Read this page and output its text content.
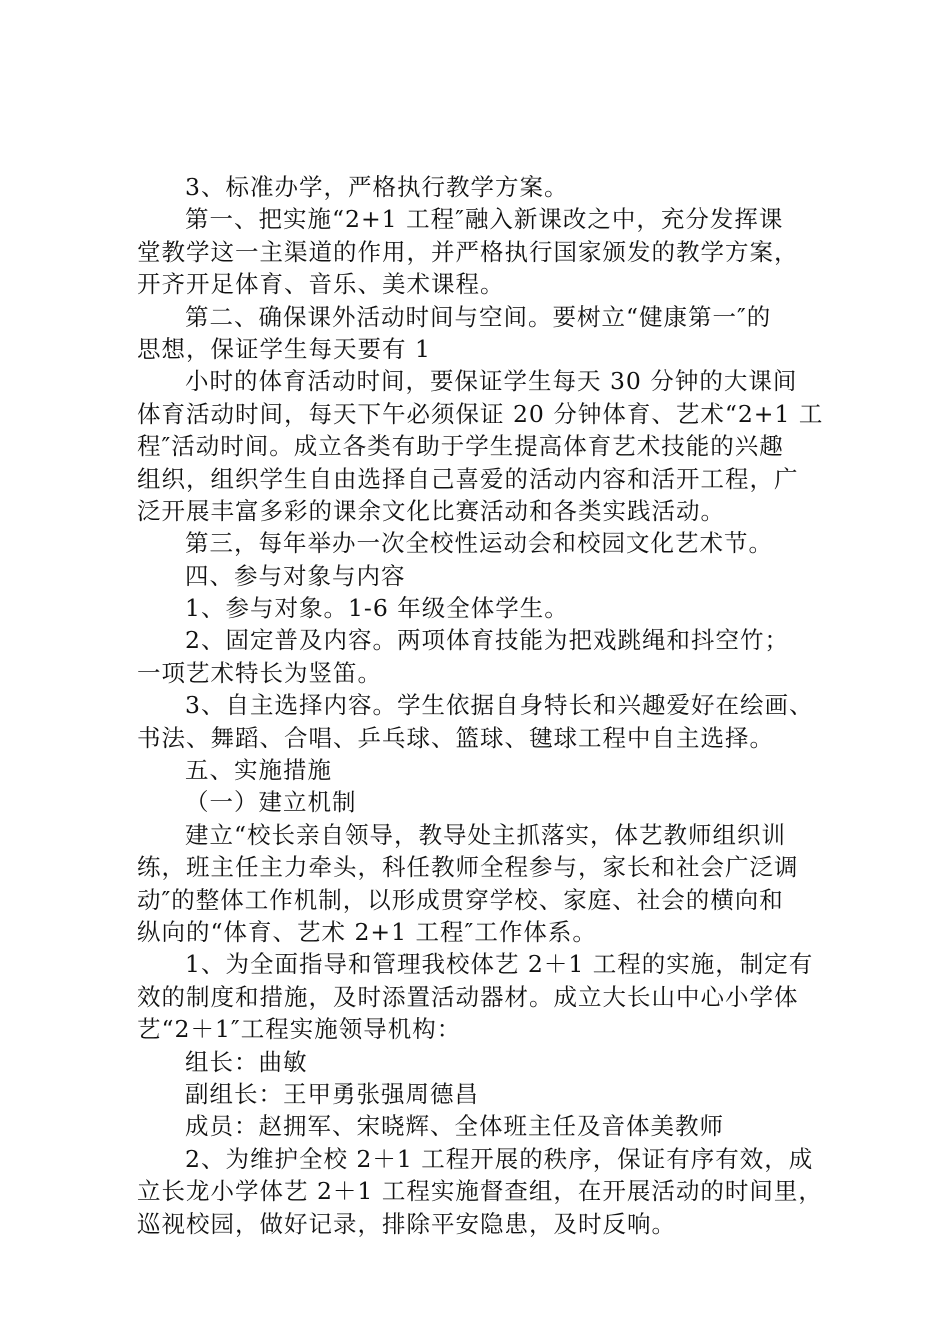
3、标准办学，严格执行教学方案。
第一、把实施“2+1 工程″融入新课改之中，充分发挥课
堂教学这一主渠道的作用，并严格执行国家颁发的教学方案，
开齐开足体育、音乐、美术课程。
第二、确保课外活动时间与空间。要树立“健康第一″的
思想，保证学生每天要有 1
小时的体育活动时间，要保证学生每天 30 分钟的大课间
体育活动时间，每天下午必须保证 20 分钟体育、艺术“2+1 工
程″活动时间。成立各类有助于学生提高体育艺术技能的兴趣
组织，组织学生自由选择自己喜爱的活动内容和活开工程，广
泛开展丰富多彩的课余文化比赛活动和各类实践活动。
第三，每年举办一次全校性运动会和校园文化艺术节。
四、参与对象与内容
1、参与对象。1-6 年级全体学生。
2、固定普及内容。两项体育技能为把戏跳绳和抖空竹；
一项艺术特长为竖笛。
3、自主选择内容。学生依据自身特长和兴趣爱好在绘画、
书法、舞蹈、合唱、乒乓球、篮球、毽球工程中自主选择。
五、实施措施
（一）建立机制
建立“校长亲自领导，教导处主抓落实，体艺教师组织训
练，班主任主力牵头，科任教师全程参与，家长和社会广泛调
动″的整体工作机制，以形成贯穿学校、家庭、社会的横向和
纵向的“体育、艺术 2+1 工程″工作体系。
1、为全面指导和管理我校体艺 2＋1 工程的实施，制定有
效的制度和措施，及时添置活动器材。成立大长山中心小学体
艺“2＋1″工程实施领导机构：
组长：曲敏
副组长：王甲勇张强周德昌
成员：赵拥军、宋晓辉、全体班主任及音体美教师
2、为维护全校 2＋1 工程开展的秩序，保证有序有效，成
立长龙小学体艺 2＋1 工程实施督查组，在开展活动的时间里，
巡视校园，做好记录，排除平安隐患，及时反响。
